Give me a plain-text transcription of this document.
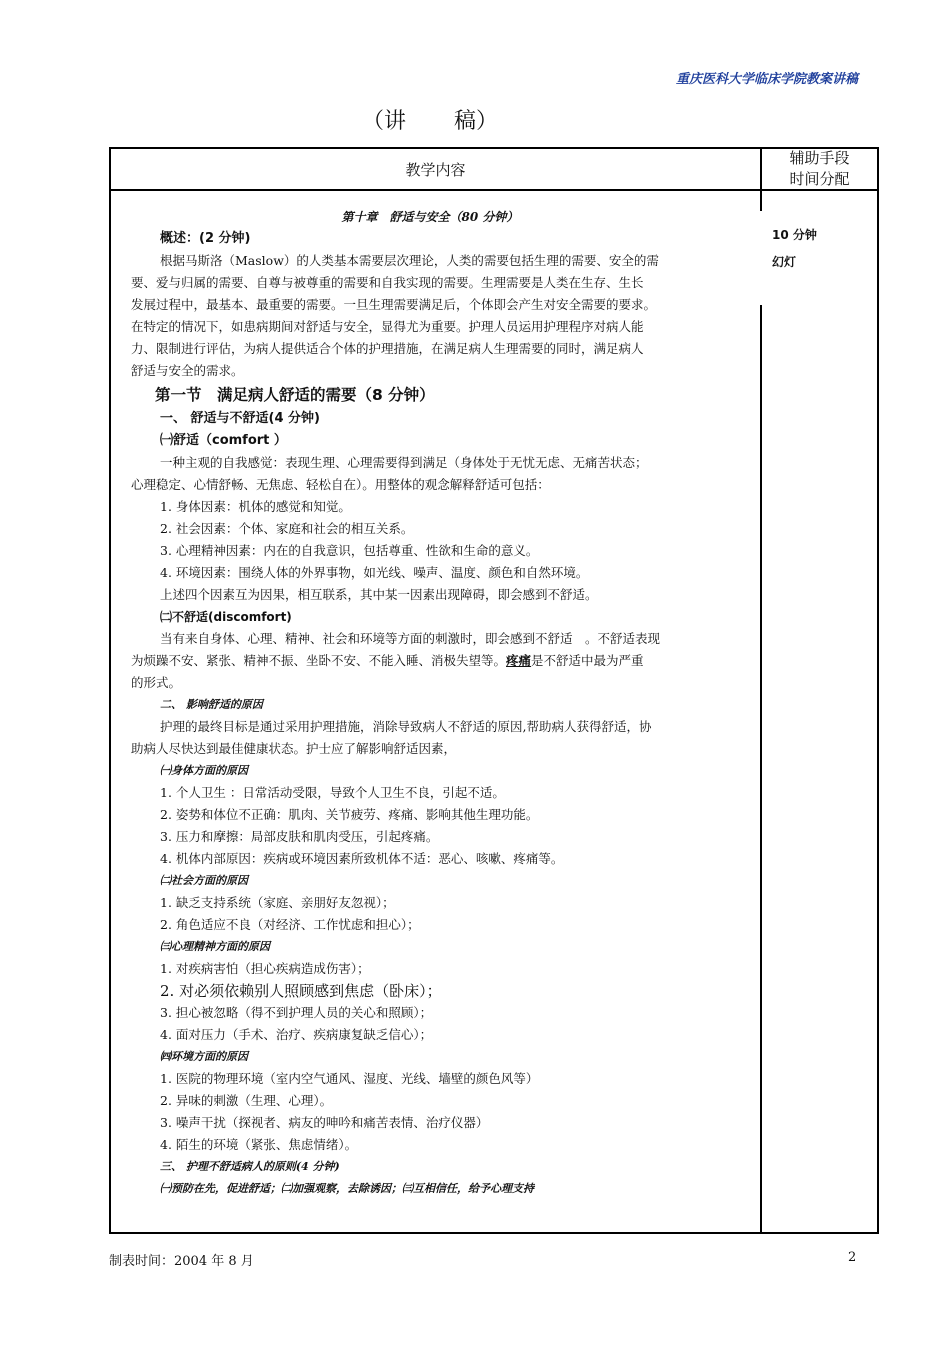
重庆医科大学临床学院教案讲稿
（讲 稿）
教学内容
辅助手段
时间分配
10 分钟
幻灯
第十章　舒适与安全（80 分钟）
概述：(2 分钟)
根据马斯洛（Maslow）的人类基本需要层次理论，人类的需要包括生理的需要、安全的需
要、爱与归属的需要、自尊与被尊重的需要和自我实现的需要。生理需要是人类在生存、生长
发展过程中，最基本、最重要的需要。一旦生理需要满足后，个体即会产生对安全需要的要求。
在特定的情况下，如患病期间对舒适与安全，显得尤为重要。护理人员运用护理程序对病人能
力、限制进行评估，为病人提供适合个体的护理措施，在满足病人生理需要的同时，满足病人
舒适与安全的需求。
第一节　满足病人舒适的需要（8 分钟）
一、 舒适与不舒适(4 分钟)
㈠舒适（comfort ）
一种主观的自我感觉：表现生理、心理需要得到满足（身体处于无忧无虑、无痛苦状态；
心理稳定、心情舒畅、无焦虑、轻松自在）。用整体的观念解释舒适可包括：
1. 身体因素：机体的感觉和知觉。
2. 社会因素：个体、家庭和社会的相互关系。
3. 心理精神因素：内在的自我意识，包括尊重、性欲和生命的意义。
4. 环境因素：围绕人体的外界事物，如光线、噪声、温度、颜色和自然环境。
上述四个因素互为因果，相互联系，其中某一因素出现障碍，即会感到不舒适。
㈡不舒适(discomfort)
当有来自身体、心理、精神、社会和环境等方面的刺激时，即会感到不舒适　。不舒适表现
为烦躁不安、紧张、精神不振、坐卧不安、不能入睡、消极失望等。疼痛是不舒适中最为严重
的形式。
二、 影响舒适的原因
护理的最终目标是通过采用护理措施，消除导致病人不舒适的原因,帮助病人获得舒适，协
助病人尽快达到最佳健康状态。护士应了解影响舒适因素，
㈠身体方面的原因
1. 个人卫生 ：日常活动受限，导致个人卫生不良，引起不适。
2. 姿势和体位不正确：肌肉、关节疲劳、疼痛、影响其他生理功能。
3. 压力和摩擦：局部皮肤和肌肉受压，引起疼痛。
4. 机体内部原因：疾病或环境因素所致机体不适：恶心、咳嗽、疼痛等。
㈡社会方面的原因
1. 缺乏支持系统（家庭、亲朋好友忽视）；
2. 角色适应不良（对经济、工作忧虑和担心）；
㈢心理精神方面的原因
1. 对疾病害怕（担心疾病造成伤害）；
2. 对必须依赖别人照顾感到焦虑（卧床）；
3. 担心被忽略（得不到护理人员的关心和照顾）；
4. 面对压力（手术、治疗、疾病康复缺乏信心）；
㈣环境方面的原因
1. 医院的物理环境（室内空气通风、湿度、光线、墙壁的颜色风等）
2. 异味的刺激（生理、心理）。
3. 噪声干扰（探视者、病友的呻吟和痛苦表情、治疗仪器）
4. 陌生的环境（紧张、焦虑情绪）。
三、 护理不舒适病人的原则(4 分钟)
㈠预防在先，促进舒适；㈡加强观察，去除诱因；㈢互相信任，给予心理支持
制表时间：2004 年 8 月	2
